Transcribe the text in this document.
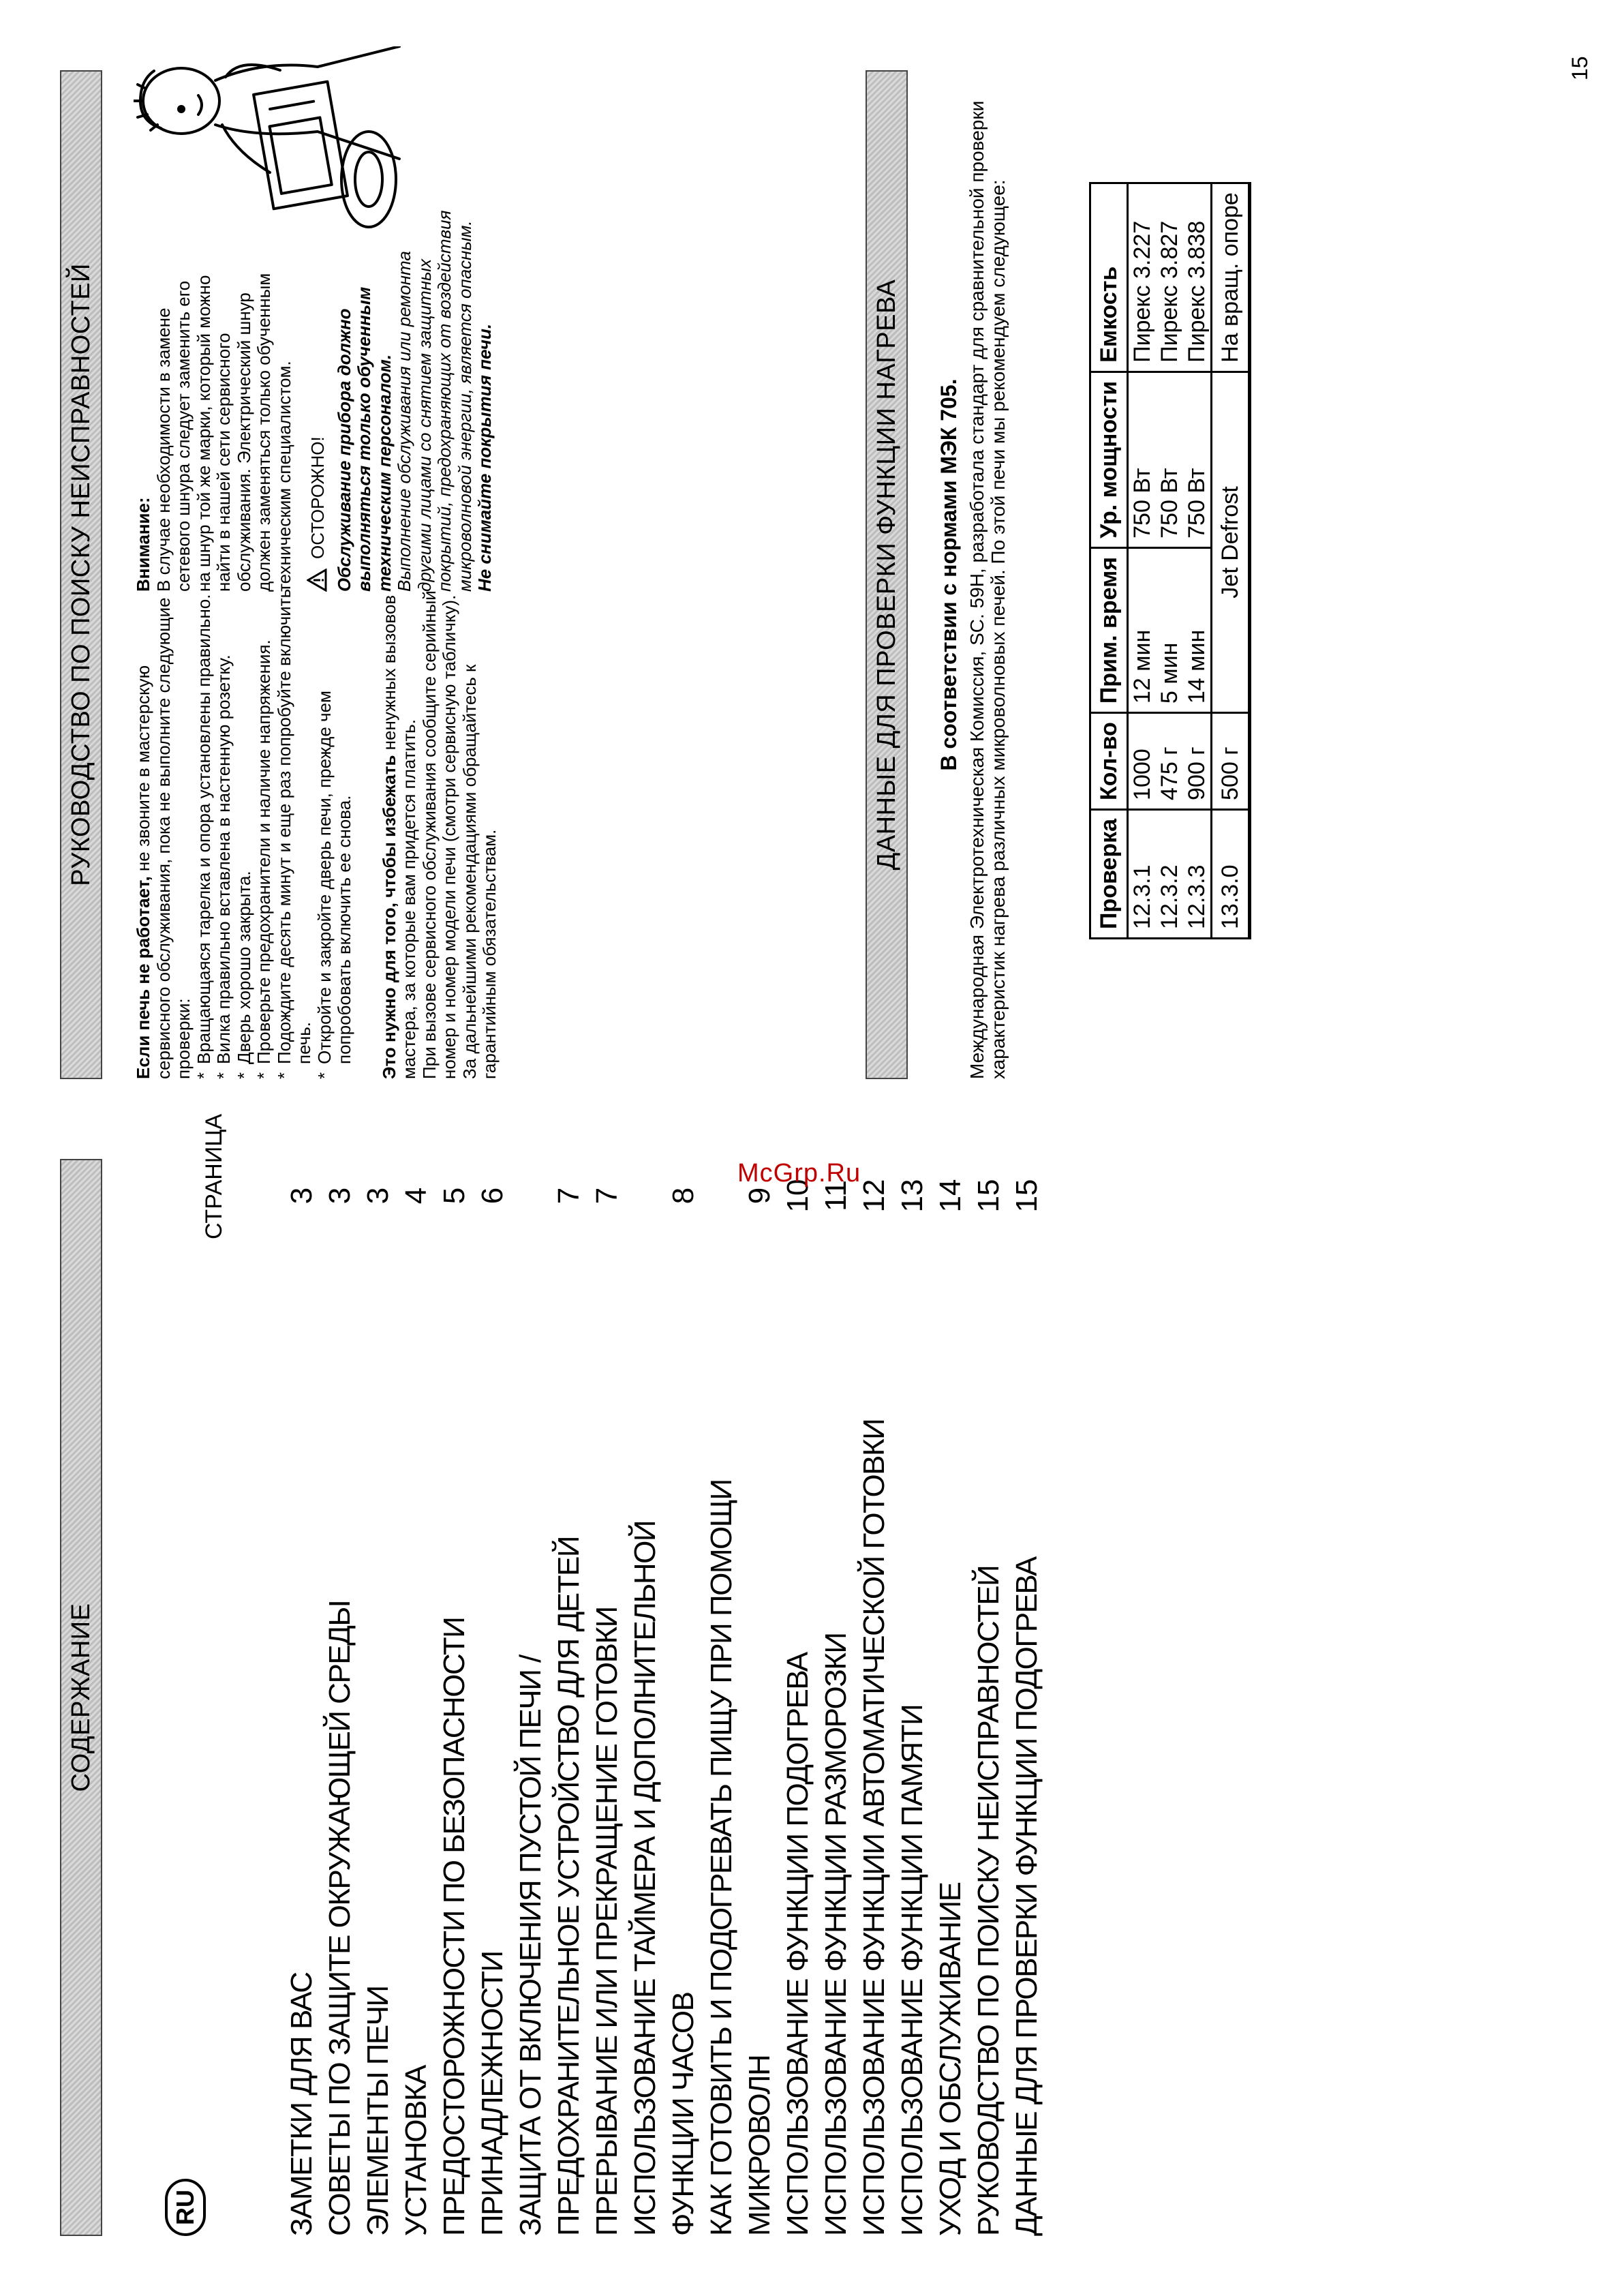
СОДЕРЖАНИЕ
RU
СТРАНИЦА
ЗАМЕТКИ ДЛЯ ВАС
3
СОВЕТЫ ПО ЗАЩИТЕ ОКРУЖАЮЩЕЙ СРЕДЫ
3
ЭЛЕМЕНТЫ ПЕЧИ
3
УСТАНОВКА
4
ПРЕДОСТОРОЖНОСТИ ПО БЕЗОПАСНОСТИ
5
ПРИНАДЛЕЖНОСТИ
6
ЗАЩИТА ОТ ВКЛЮЧЕНИЯ ПУСТОЙ ПЕЧИ / ПРЕДОХРАНИТЕЛЬНОЕ УСТРОЙСТВО ДЛЯ ДЕТЕЙ
7
ПРЕРЫВАНИЕ ИЛИ ПРЕКРАЩЕНИЕ ГОТОВКИ
7
ИСПОЛЬЗОВАНИЕ ТАЙМЕРА И ДОПОЛНИТЕЛЬНОЙ ФУНКЦИИ ЧАСОВ
8
КАК ГОТОВИТЬ И ПОДОГРЕВАТЬ ПИЩУ ПРИ ПОМОЩИ МИКРОВОЛН
9
ИСПОЛЬЗОВАНИЕ ФУНКЦИИ ПОДОГРЕВА
10
ИСПОЛЬЗОВАНИЕ ФУНКЦИИ РАЗМОРОЗКИ
11
ИСПОЛЬЗОВАНИЕ ФУНКЦИИ АВТОМАТИЧЕСКОЙ ГОТОВКИ
12
ИСПОЛЬЗОВАНИЕ ФУНКЦИИ ПАМЯТИ
13
УХОД И ОБСЛУЖИВАНИЕ
14
РУКОВОДСТВО ПО ПОИСКУ НЕИСПРАВНОСТЕЙ
15
ДАННЫЕ ДЛЯ ПРОВЕРКИ ФУНКЦИИ ПОДОГРЕВА
15
McGrp.Ru
РУКОВОДСТВО ПО ПОИСКУ НЕИСПРАВНОСТЕЙ

Если печь не работает, не звоните в мастерскую сервисного обслуживания, пока не выполните следующие проверки: * Вращающаяся тарелка и опора установлены правильно. * Вилка правильно вставлена в настенную розетку. * Дверь хорошо закрыта. * Проверьте предохранители и наличие напряжения. * Подождите десять минут и еще раз попробуйте включить печь. * Откройте и закройте дверь печи, прежде чем попробовать включить ее снова. Это нужно для того, чтобы избежать ненужных вызовов мастера, за которые вам придется платить. При вызове сервисного обслуживания сообщите серийный номер и номер модели печи (смотри сервисную табличку). За дальнейшими рекомендациями обращайтесь к гарантийным обязательствам.

Внимание: В случае необходимости в замене сетевого шнура следует заменить его на шнур той же марки, который можно найти в нашей сети сервисного обслуживания. Электрический шнур должен заменяться только обученным техническим специалистом. ОСТОРОЖНО! Обслуживание прибора должно выполняться только обученным техническим персоналом. Выполнение обслуживания или ремонта другими лицами со снятием защитных покрытий, предохраняющих от воздействия микроволновой энергии, является опасным. Не снимайте покрытия печи.	ДАННЫЕ ДЛЯ ПРОВЕРКИ ФУНКЦИИ НАГРЕВА В соответствии с нормами МЭК 705. Международная Электротехническая Комиссия, SC. 59H, разработала стандарт для сравнительной проверки характеристик нагрева различных микроволновых печей. По этой печи мы рекомендуем следующее:	Проверка	Кол-во	Прим. время	Ур. мощности	Емкость
12.3.1	1000	12 мин	750 Вт	Пирекс 3.227
12.3.2	475 г	5 мин	750 Вт	Пирекс 3.827
12.3.3	900 г	14 мин	750 Вт	Пирекс 3.838
13.3.0	500 г	Jet Defrost		На вращ. опоре
15
